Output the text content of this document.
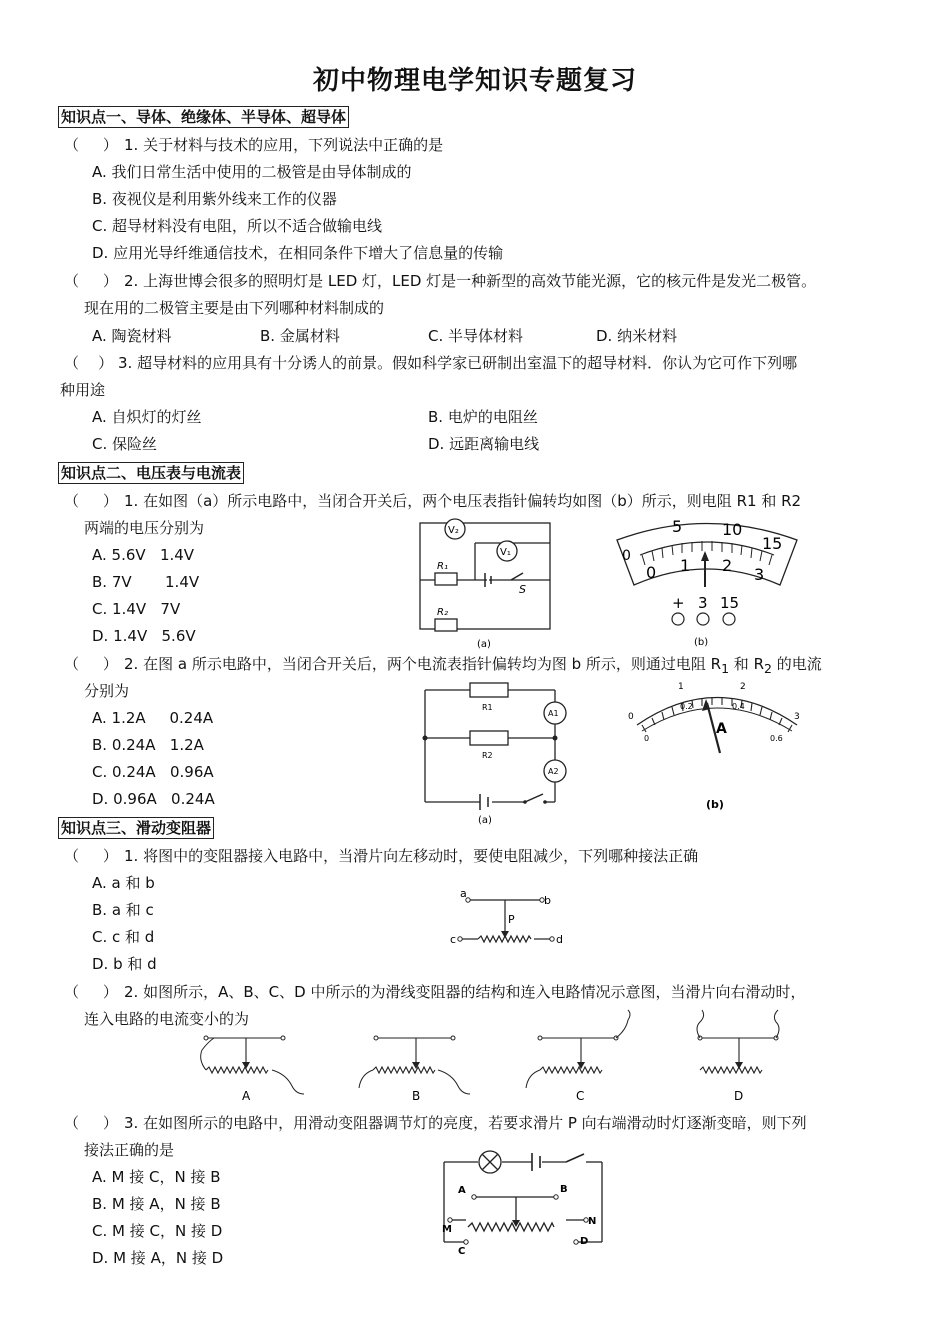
初中物理电学知识专题复习
知识点一、导体、绝缘体、半导体、超导体
（ ） 1. 关于材料与技术的应用，下列说法中正确的是
A. 我们日常生活中使用的二极管是由导体制成的
B. 夜视仪是利用紫外线来工作的仪器
C. 超导材料没有电阻，所以不适合做输电线
D. 应用光导纤维通信技术，在相同条件下增大了信息量的传输
（ ） 2. 上海世博会很多的照明灯是 LED 灯，LED 灯是一种新型的高效节能光源，它的核元件是发光二极管。
现在用的二极管主要是由下列哪种材料制成的
A. 陶瓷材料	B. 金属材料	C. 半导体材料	D. 纳米材料
（ ） 3. 超导材料的应用具有十分诱人的前景。假如科学家已研制出室温下的超导材料．你认为它可作下列哪
种用途
A. 自炽灯的灯丝	B. 电炉的电阻丝
C. 保险丝	D. 远距离输电线
知识点二、电压表与电流表
（ ） 1. 在如图（a）所示电路中，当闭合开关后，两个电压表指针偏转均如图（b）所示，则电阻 R1 和 R2
两端的电压分别为
A. 5.6V   1.4V
B. 7V       1.4V
C. 1.4V   7V
D. 1.4V   5.6V
V₂
V₁
R₁
R₂
S
(a)
5 10
15
0
0 1 2 3
+ 3 15
(b)
（ ） 2. 在图 a 所示电路中，当闭合开关后，两个电流表指针偏转均为图 b 所示，则通过电阻 $R_1$ 和 $R_2$ 的电流
分别为
A. 1.2A     0.24A
B. 0.24A   1.2A
C. 0.24A   0.96A
D. 0.96A   0.24A
R1
R2
A1
A2
(a)
0
1	2
3
0
0.2	0.4
0.6
A
(b)
知识点三、滑动变阻器
（ ） 1. 将图中的变阻器接入电路中，当滑片向左移动时，要使电阻减少，下列哪种接法正确
A. a 和 b
B. a 和 c
C. c 和 d
D. b 和 d
a
b
c	d
P
（ ） 2. 如图所示，A、B、C、D 中所示的为滑线变阻器的结构和连入电路情况示意图，当滑片向右滑动时，
连入电路的电流变小的为
A	B	C	D
（ ） 3. 在如图所示的电路中，用滑动变阻器调节灯的亮度，若要求滑片 P 向右端滑动时灯逐渐变暗，则下列
接法正确的是
A. M 接 C，N 接 B
B. M 接 A，N 接 B
C. M 接 C，N 接 D
D. M 接 A，N 接 D
A	B
M
N
C
D
